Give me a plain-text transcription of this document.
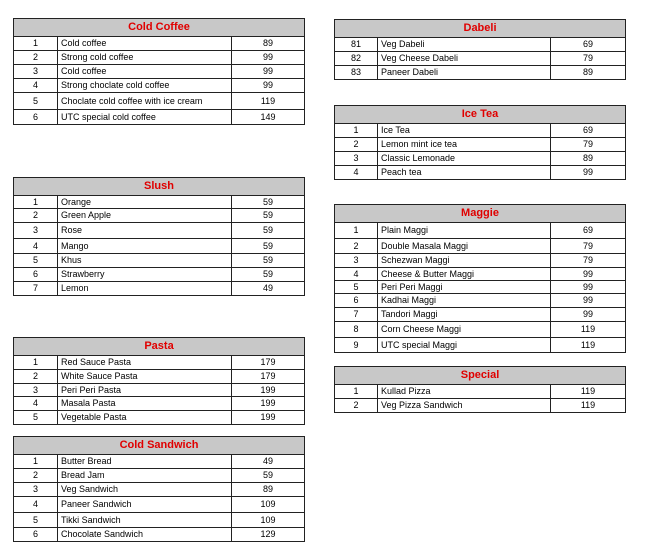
Cold Coffee		
1	Cold coffee	89
2	Strong cold coffee	99
3	Cold coffee	99
4	Strong choclate cold coffee	99
5	Choclate cold coffee with ice cream	119
6	UTC special cold coffee	149
Slush		
1	Orange	59
2	Green Apple	59
3	Rose	59
4	Mango	59
5	Khus	59
6	Strawberry	59
7	Lemon	49
Pasta		
1	Red Sauce Pasta	179
2	White Sauce Pasta	179
3	Peri Peri Pasta	199
4	Masala Pasta	199
5	Vegetable Pasta	199
Cold Sandwich		
1	Butter Bread	49
2	Bread Jam	59
3	Veg Sandwich	89
4	Paneer Sandwich	109
5	Tikki Sandwich	109
6	Chocolate Sandwich	129
Dabeli		
81	Veg Dabeli	69
82	Veg Cheese Dabeli	79
83	Paneer Dabeli	89
Ice Tea		
1	Ice Tea	69
2	Lemon mint ice tea	79
3	Classic Lemonade	89
4	Peach tea	99
Maggie		
1	Plain Maggi	69
2	Double Masala Maggi	79
3	Schezwan Maggi	79
4	Cheese & Butter Maggi	99
5	Peri Peri Maggi	99
6	Kadhai Maggi	99
7	Tandori Maggi	99
8	Corn Cheese Maggi	119
9	UTC special Maggi	119
Special		
1	Kullad Pizza	119
2	Veg Pizza Sandwich	119
